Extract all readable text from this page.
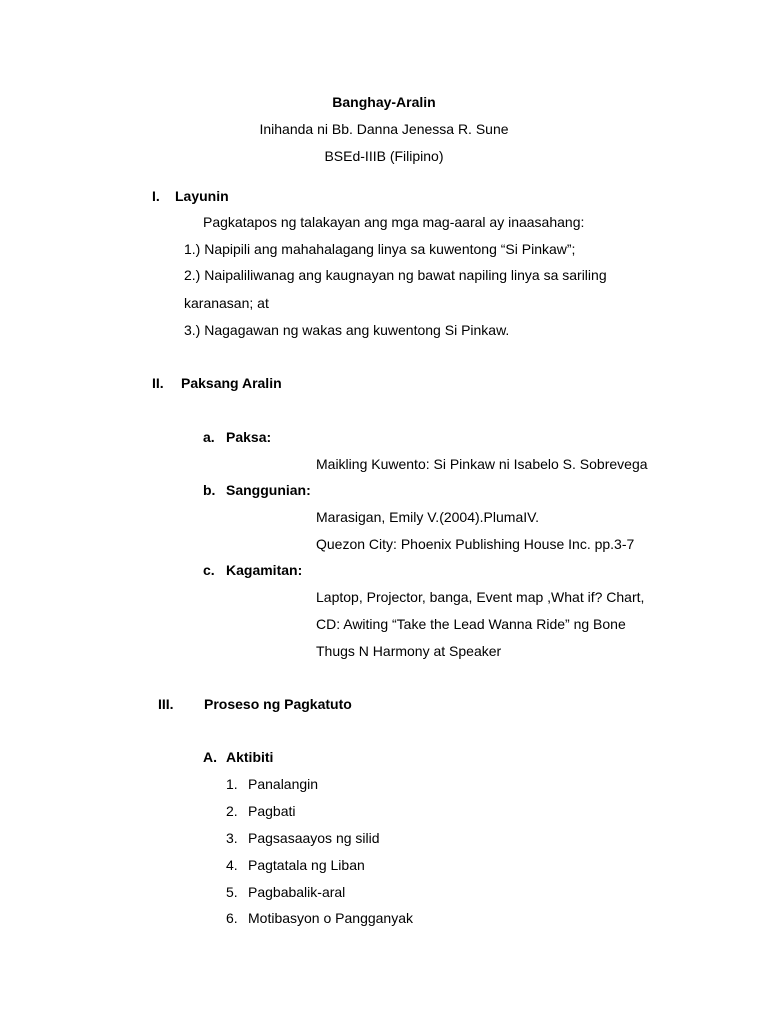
Banghay-Aralin
Inihanda ni Bb. Danna Jenessa R. Sune
BSEd-IIIB (Filipino)
I. Layunin
Pagkatapos ng talakayan ang mga mag-aaral ay inaasahang:
1.) Napipili ang mahahalagang linya sa kuwentong “Si Pinkaw”;
2.) Naipaliliwanag ang kaugnayan ng bawat napiling linya sa sariling
karanasan; at
3.) Nagagawan ng wakas ang kuwentong Si Pinkaw.
II. Paksang Aralin
a. Paksa:
Maikling Kuwento: Si Pinkaw ni Isabelo S. Sobrevega
b. Sanggunian:
Marasigan, Emily V.(2004).PlumaIV.
Quezon City: Phoenix Publishing House Inc. pp.3-7
c. Kagamitan:
Laptop, Projector, banga, Event map ,What if? Chart,
CD: Awiting “Take the Lead Wanna Ride” ng Bone
Thugs N Harmony at Speaker
III. Proseso ng Pagkatuto
A. Aktibiti
1. Panalangin
2. Pagbati
3. Pagsasaayos ng silid
4. Pagtatala ng Liban
5. Pagbabalik-aral
6. Motibasyon o Pangganyak
